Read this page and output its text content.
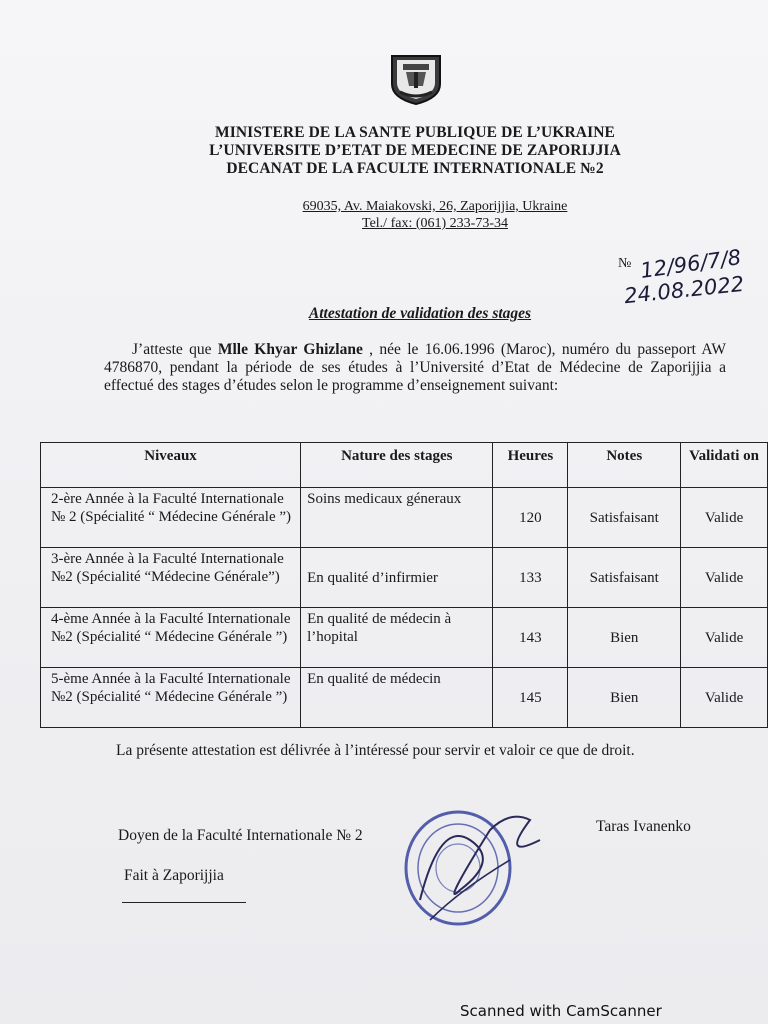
MINISTERE DE LA SANTE PUBLIQUE DE L’UKRAINE
L’UNIVERSITE D’ETAT DE MEDECINE DE ZAPORIJJIA
DECANAT DE LA FACULTE INTERNATIONALE №2
69035, Av. Maiakovski, 26, Zaporijjia, Ukraine
Tel./ fax: (061) 233-73-34
№ 12/96/7/8
24.08.2022
Attestation de validation des stages
J’atteste que Mlle Khyar Ghizlane , née le 16.06.1996 (Maroc), numéro du passeport AW 4786870, pendant la période de ses études à l’Université d’Etat de Médecine de Zaporijjia a effectué des stages d’études selon le programme d’enseignement suivant:
Niveaux	Nature des stages	Heures	Notes	Validati on
2-ère Année à la Faculté Internationale № 2 (Spécialité “ Médecine Générale ”)	Soins medicaux géneraux	120	Satisfaisant	Valide
3-ère Année à la Faculté Internationale №2 (Spécialité “Médecine Générale”)	En qualité d’infirmier	133	Satisfaisant	Valide
4-ème Année à la Faculté Internationale №2 (Spécialité “ Médecine Générale ”)	En qualité de médecin à l’hopital	143	Bien	Valide
5-ème Année à la Faculté Internationale №2 (Spécialité “ Médecine Générale ”)	En qualité de médecin	145	Bien	Valide
La présente attestation est délivrée à l’intéressé pour servir et valoir ce que de droit.
Doyen de la Faculté Internationale № 2
Taras Ivanenko
Fait à Zaporijjia
Scanned with CamScanner
